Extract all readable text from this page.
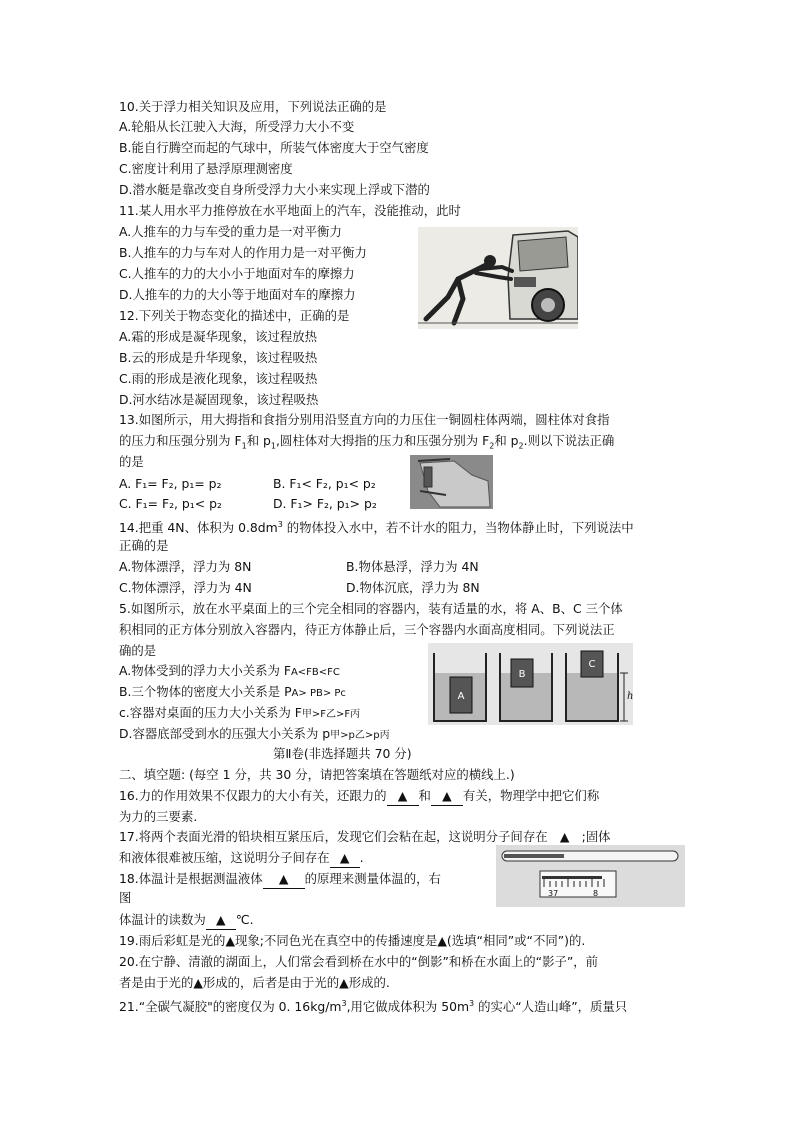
10.关于浮力相关知识及应用，下列说法正确的是
A.轮船从长江驶入大海，所受浮力大小不变
B.能自行腾空而起的气球中，所装气体密度大于空气密度
C.密度计利用了悬浮原理测密度
D.潜水艇是靠改变自身所受浮力大小来实现上浮或下潜的
11.某人用水平力推停放在水平地面上的汽车，没能推动，此时
A.人推车的力与车受的重力是一对平衡力
B.人推车的力与车对人的作用力是一对平衡力
C.人推车的力的大小小于地面对车的摩擦力
D.人推车的力的大小等于地面对车的摩擦力
12.下列关于物态变化的描述中，正确的是
A.霜的形成是凝华现象，该过程放热
B.云的形成是升华现象，该过程吸热
C.雨的形成是液化现象，该过程吸热
D.河水结冰是凝固现象，该过程吸热
13.如图所示，用大拇指和食指分别用沿竖直方向的力压住一铜圆柱体两端，圆柱体对食指
的压力和压强分别为 $F_1$和 $p_1$,圆柱体对大拇指的压力和压强分别为 $F_2$和 $p_2$.则以下说法正确
的是
A. F₁= F₂, p₁= p₂	B. F₁< F₂, p₁< p₂
C. F₁= F₂, p₁< p₂	D. F₁> F₂, p₁> p₂
14.把重 4N、体积为 $0.8dm^3$ 的物体投入水中，若不计水的阻力，当物体静止时，下列说法中
正确的是
A.物体漂浮，浮力为 8N	B.物体悬浮，浮力为 4N
C.物体漂浮，浮力为 4N	D.物体沉底，浮力为 8N
5.如图所示，放在水平桌面上的三个完全相同的容器内，装有适量的水，将 A、B、C 三个体
积相同的正方体分别放入容器内，待正方体静止后，三个容器内水面高度相同。下列说法正
确的是
A.物体受到的浮力大小关系为 FA<FB<FC
B.三个物体的密度大小关系是 PA> PB> Pc
c.容器对桌面的压力大小关系为 F甲>F乙>F丙
D.容器底部受到水的压强大小关系为 p甲>p乙>p丙
A
B
C
h
第Ⅱ卷(非选择题共 70 分)
二、填空题: (每空 1 分，共 30 分，请把答案填在答题纸对应的横线上.)
16.力的作用效果不仅跟力的大小有关，还跟力的 ▲ 和 ▲ 有关，物理学中把它们称
为力的三要素.
17.将两个表面光滑的铅块相互紧压后，发现它们会粘在起，这说明分子间存在 ▲ ;固体
和液体很难被压缩，这说明分子间存在 ▲ .
37	8
18.体温计是根据测温液体 ▲ 的原理来测量体温的，右
图
体温计的读数为 ▲ ℃.
19.雨后彩虹是光的▲现象;不同色光在真空中的传播速度是▲(选填“相同”或“不同”)的.
20.在宁静、清澈的湖面上，人们常会看到桥在水中的“倒影”和桥在水面上的“影子”，前
者是由于光的▲形成的，后者是由于光的▲形成的.
21.“全碳气凝胶"的密度仅为 0. $16kg/m^3$,用它做成体积为 $50m^3$ 的实心“人造山峰”，质量只
